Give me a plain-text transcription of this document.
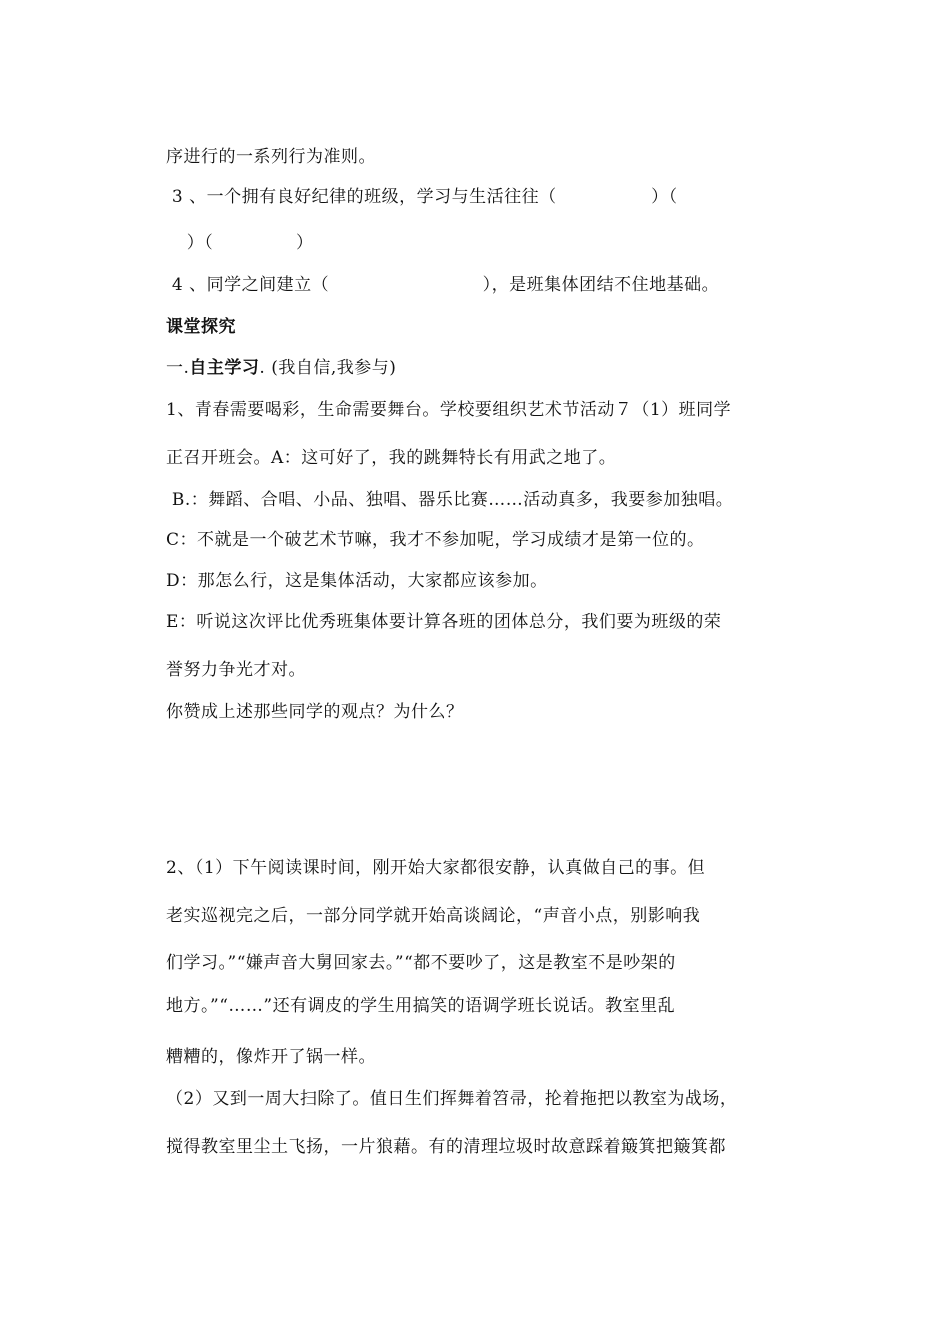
序进行的一系列行为准则。
3 、一个拥有良好纪律的班级，学习与生活往往（                ）（
）（              ）
4 、同学之间建立（                          ），是班集体团结不住地基础。
课堂探究
一.自主学习. (我自信,我参与)
1、青春需要喝彩，生命需要舞台。学校要组织艺术节活动７（1）班同学
正召开班会。A：这可好了，我的跳舞特长有用武之地了。
B.：舞蹈、合唱、小品、独唱、器乐比赛……活动真多，我要参加独唱。
C：不就是一个破艺术节嘛，我才不参加呢，学习成绩才是第一位的。
D：那怎么行，这是集体活动，大家都应该参加。
E：听说这次评比优秀班集体要计算各班的团体总分，我们要为班级的荣
誉努力争光才对。
你赞成上述那些同学的观点？为什么？
2、（1）下午阅读课时间，刚开始大家都很安静，认真做自己的事。但
老实巡视完之后，一部分同学就开始高谈阔论，“声音小点，别影响我
们学习。”“嫌声音大舅回家去。”“都不要吵了，这是教室不是吵架的
地方。”“……”还有调皮的学生用搞笑的语调学班长说话。教室里乱
糟糟的，像炸开了锅一样。
（2）又到一周大扫除了。值日生们挥舞着笤帚，抡着拖把以教室为战场，
搅得教室里尘土飞扬，一片狼藉。有的清理垃圾时故意踩着簸箕把簸箕都
